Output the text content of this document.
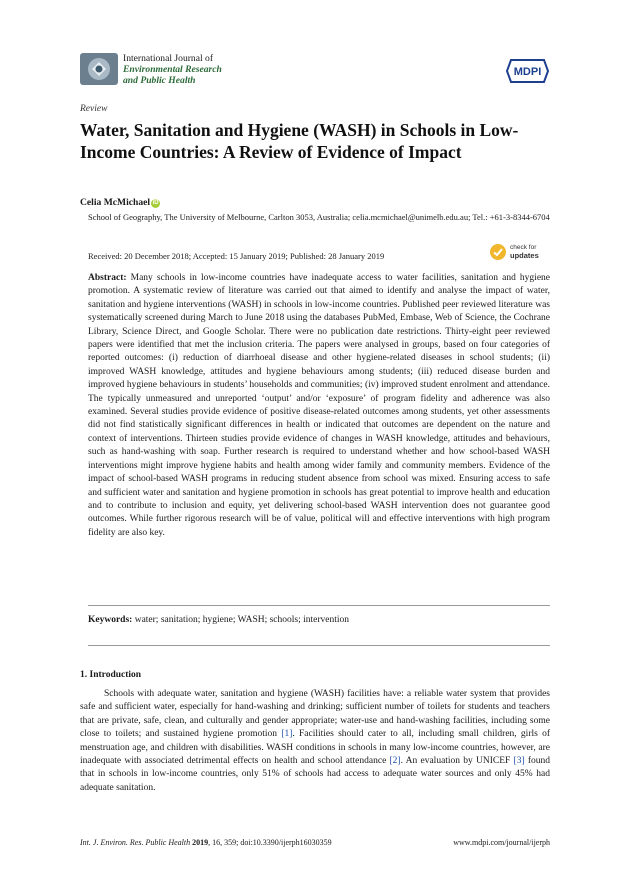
International Journal of
Environmental Research
and Public Health
MDPI
Review
Water, Sanitation and Hygiene (WASH) in Schools in Low-Income Countries: A Review of Evidence of Impact
Celia McMichael iD
School of Geography, The University of Melbourne, Carlton 3053, Australia; celia.mcmichael@unimelb.edu.au; Tel.: +61-3-8344-6704
Received: 20 December 2018; Accepted: 15 January 2019; Published: 28 January 2019
check for
updates
Abstract: Many schools in low-income countries have inadequate access to water facilities, sanitation and hygiene promotion. A systematic review of literature was carried out that aimed to identify and analyse the impact of water, sanitation and hygiene interventions (WASH) in schools in low-income countries. Published peer reviewed literature was systematically screened during March to June 2018 using the databases PubMed, Embase, Web of Science, the Cochrane Library, Science Direct, and Google Scholar. There were no publication date restrictions. Thirty-eight peer reviewed papers were identified that met the inclusion criteria. The papers were analysed in groups, based on four categories of reported outcomes: (i) reduction of diarrhoeal disease and other hygiene-related diseases in school students; (ii) improved WASH knowledge, attitudes and hygiene behaviours among students; (iii) reduced disease burden and improved hygiene behaviours in students’ households and communities; (iv) improved student enrolment and attendance. The typically unmeasured and unreported ‘output’ and/or ‘exposure’ of program fidelity and adherence was also examined. Several studies provide evidence of positive disease-related outcomes among students, yet other assessments did not find statistically significant differences in health or indicated that outcomes are dependent on the nature and context of interventions. Thirteen studies provide evidence of changes in WASH knowledge, attitudes and behaviours, such as hand-washing with soap. Further research is required to understand whether and how school-based WASH interventions might improve hygiene habits and health among wider family and community members. Evidence of the impact of school-based WASH programs in reducing student absence from school was mixed. Ensuring access to safe and sufficient water and sanitation and hygiene promotion in schools has great potential to improve health and education and to contribute to inclusion and equity, yet delivering school-based WASH intervention does not guarantee good outcomes. While further rigorous research will be of value, political will and effective interventions with high program fidelity are also key.
Keywords: water; sanitation; hygiene; WASH; schools; intervention
1. Introduction
Schools with adequate water, sanitation and hygiene (WASH) facilities have: a reliable water system that provides safe and sufficient water, especially for hand-washing and drinking; sufficient number of toilets for students and teachers that are private, safe, clean, and culturally and gender appropriate; water-use and hand-washing facilities, including some close to toilets; and sustained hygiene promotion [1]. Facilities should cater to all, including small children, girls of menstruation age, and children with disabilities. WASH conditions in schools in many low-income countries, however, are inadequate with associated detrimental effects on health and school attendance [2]. An evaluation by UNICEF [3] found that in schools in low-income countries, only 51% of schools had access to adequate water sources and only 45% had adequate sanitation.
Int. J. Environ. Res. Public Health 2019, 16, 359; doi:10.3390/ijerph16030359	www.mdpi.com/journal/ijerph
